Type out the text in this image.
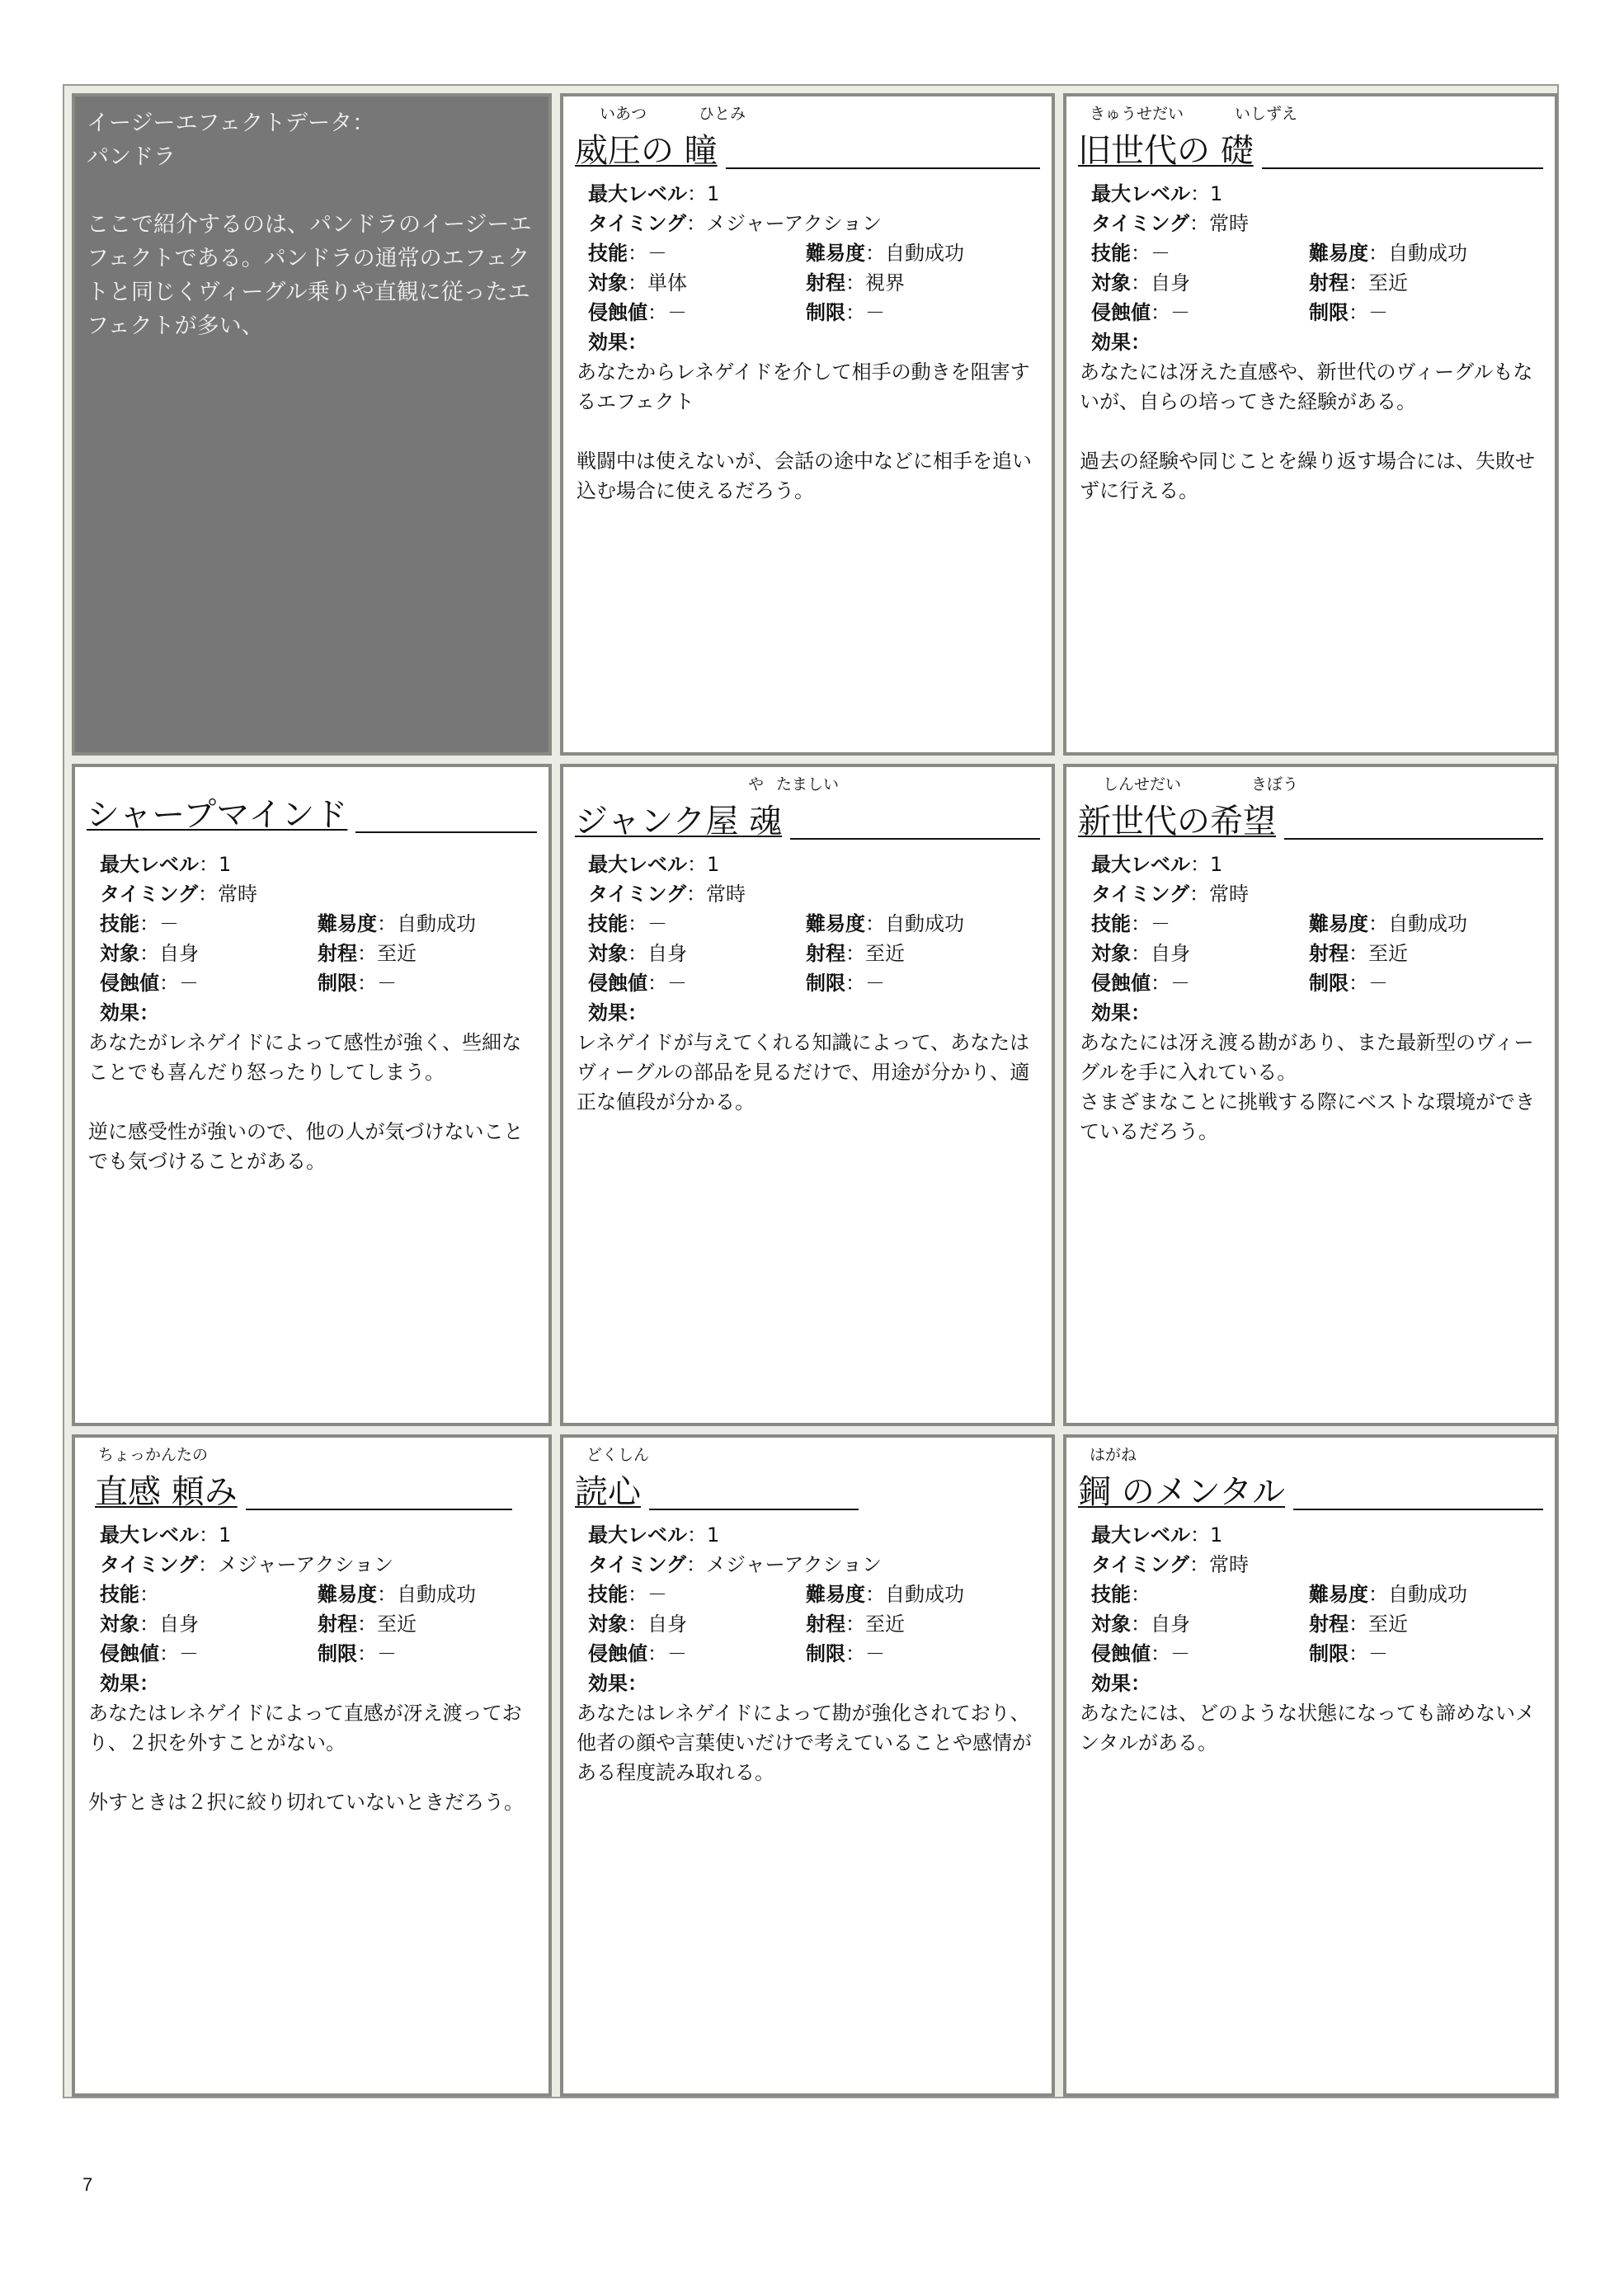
イージーエフェクトデータ：
パンドラ
ここで紹介するのは、パンドラのイージーエフェクトである。パンドラの通常のエフェクトと同じくヴィーグル乗りや直観に従ったエフェクトが多い、
いあつ	ひとみ
威圧の 瞳
最大レベル：1
タイミング：メジャーアクション
技能：－	難易度：自動成功
対象：単体	射程：視界
侵蝕値：－	制限：－
効果：

あなたからレネゲイドを介して相手の動きを阻害するエフェクト

戦闘中は使えないが、会話の途中などに相手を追い込む場合に使えるだろう。

きゅうせだい	いしずえ
旧世代の 礎
最大レベル：1
タイミング：常時
技能：－	難易度：自動成功
対象：自身	射程：至近
侵蝕値：－	制限：－
効果：

あなたには冴えた直感や、新世代のヴィーグルもないが、自らの培ってきた経験がある。

過去の経験や同じことを繰り返す場合には、失敗せずに行える。

シャープマインド
最大レベル：1
タイミング：常時
技能：－	難易度：自動成功
対象：自身	射程：至近
侵蝕値：－	制限：－
効果：

あなたがレネゲイドによって感性が強く、些細なことでも喜んだり怒ったりしてしまう。

逆に感受性が強いので、他の人が気づけないことでも気づけることがある。

や たましい
ジャンク屋 魂
最大レベル：1
タイミング：常時
技能：－	難易度：自動成功
対象：自身	射程：至近
侵蝕値：－	制限：－
効果：

レネゲイドが与えてくれる知識によって、あなたはヴィーグルの部品を見るだけで、用途が分かり、適正な値段が分かる。

しんせだい	きぼう
新世代の希望
最大レベル：1
タイミング：常時
技能：－	難易度：自動成功
対象：自身	射程：至近
侵蝕値：－	制限：－
効果：

あなたには冴え渡る勘があり、また最新型のヴィーグルを手に入れている。

さまざまなことに挑戦する際にベストな環境ができているだろう。

ちょっかんたの
直感 頼み
最大レベル：1
タイミング：メジャーアクション
技能：	難易度：自動成功
対象：自身	射程：至近
侵蝕値：－	制限：－
効果：

あなたはレネゲイドによって直感が冴え渡っており、２択を外すことがない。

外すときは２択に絞り切れていないときだろう。

どくしん
読心
最大レベル：1
タイミング：メジャーアクション
技能：－	難易度：自動成功
対象：自身	射程：至近
侵蝕値：－	制限：－
効果：

あなたはレネゲイドによって勘が強化されており、他者の顔や言葉使いだけで考えていることや感情がある程度読み取れる。

はがね
鋼 のメンタル
最大レベル：1
タイミング：常時
技能：	難易度：自動成功
対象：自身	射程：至近
侵蝕値：－	制限：－
効果：

あなたには、どのような状態になっても諦めないメンタルがある。

7
